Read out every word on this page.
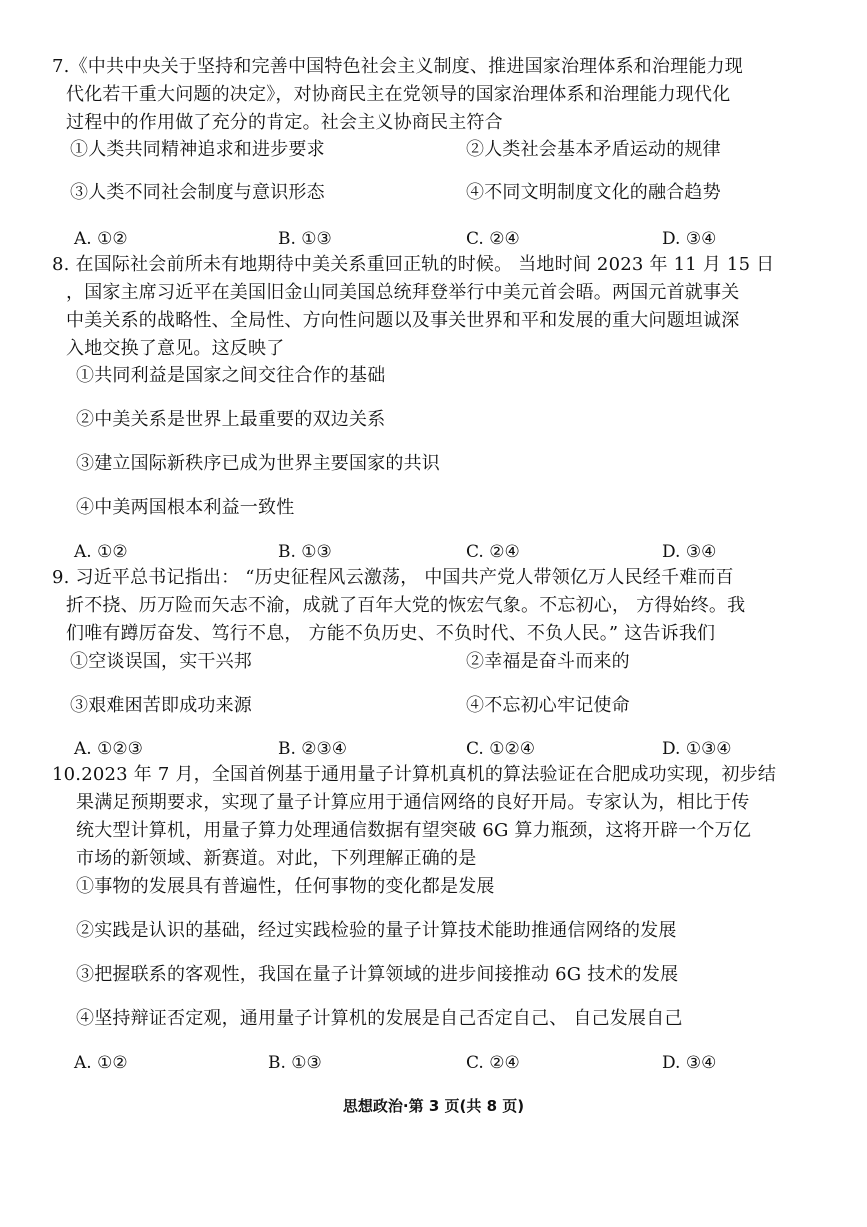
7.《中共中央关于坚持和完善中国特色社会主义制度、推进国家治理体系和治理能力现
代化若干重大问题的决定》，对协商民主在党领导的国家治理体系和治理能力现代化
过程中的作用做了充分的肯定。社会主义协商民主符合
①人类共同精神追求和进步要求	②人类社会基本矛盾运动的规律
③人类不同社会制度与意识形态	④不同文明制度文化的融合趋势
A. ①②	B. ①③	C. ②④	D. ③④
8. 在国际社会前所未有地期待中美关系重回正轨的时候。 当地时间 2023 年 11 月 15 日
，国家主席习近平在美国旧金山同美国总统拜登举行中美元首会晤。两国元首就事关
中美关系的战略性、全局性、方向性问题以及事关世界和平和发展的重大问题坦诚深
入地交换了意见。这反映了
①共同利益是国家之间交往合作的基础
②中美关系是世界上最重要的双边关系
③建立国际新秩序已成为世界主要国家的共识
④中美两国根本利益一致性
A. ①②	B. ①③	C. ②④	D. ③④
9. 习近平总书记指出： “历史征程风云激荡， 中国共产党人带领亿万人民经千难而百
折不挠、历万险而矢志不渝，成就了百年大党的恢宏气象。不忘初心， 方得始终。我
们唯有蹲厉奋发、笃行不息， 方能不负历史、不负时代、不负人民。” 这告诉我们
①空谈误国，实干兴邦	②幸福是奋斗而来的
③艰难困苦即成功来源	④不忘初心牢记使命
A. ①②③	B. ②③④	C. ①②④	D. ①③④
10.2023 年 7 月，全国首例基于通用量子计算机真机的算法验证在合肥成功实现，初步结
果满足预期要求，实现了量子计算应用于通信网络的良好开局。专家认为，相比于传
统大型计算机，用量子算力处理通信数据有望突破 6G 算力瓶颈，这将开辟一个万亿
市场的新领域、新赛道。对此，下列理解正确的是
①事物的发展具有普遍性，任何事物的变化都是发展
②实践是认识的基础，经过实践检验的量子计算技术能助推通信网络的发展
③把握联系的客观性，我国在量子计算领域的进步间接推动 6G 技术的发展
④坚持辩证否定观，通用量子计算机的发展是自己否定自己、 自己发展自己
A. ①②	B. ①③	C. ②④	D. ③④
思想政治·第 3 页(共 8 页)
